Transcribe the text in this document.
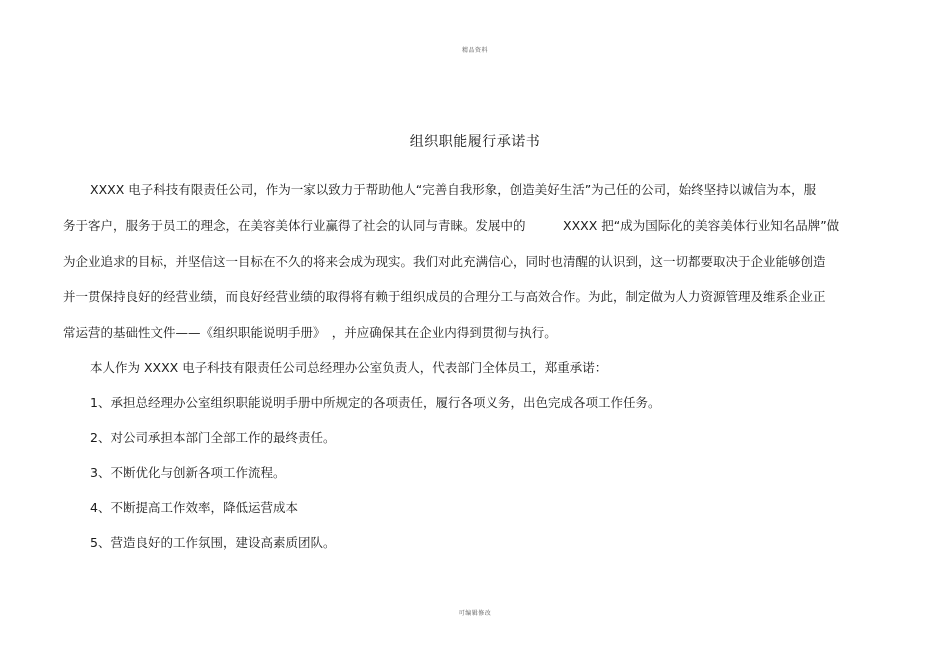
精品资料
组织职能履行承诺书
XXXX 电子科技有限责任公司，作为一家以致力于帮助他人“完善自我形象，创造美好生活”为己任的公司，始终坚持以诚信为本，服
务于客户，服务于员工的理念，在美容美体行业赢得了社会的认同与青睐。发展中的　　　XXXX 把“成为国际化的美容美体行业知名品牌”做
为企业追求的目标，并坚信这一目标在不久的将来会成为现实。我们对此充满信心，同时也清醒的认识到，这一切都要取决于企业能够创造
并一贯保持良好的经营业绩，而良好经营业绩的取得将有赖于组织成员的合理分工与高效合作。为此，制定做为人力资源管理及维系企业正
常运营的基础性文件——《组织职能说明手册》　，并应确保其在企业内得到贯彻与执行。
本人作为 XXXX 电子科技有限责任公司总经理办公室负责人，代表部门全体员工，郑重承诺：
1、承担总经理办公室组织职能说明手册中所规定的各项责任，履行各项义务，出色完成各项工作任务。
2、对公司承担本部门全部工作的最终责任。
3、不断优化与创新各项工作流程。
4、不断提高工作效率，降低运营成本
5、营造良好的工作氛围，建设高素质团队。
可编辑修改
